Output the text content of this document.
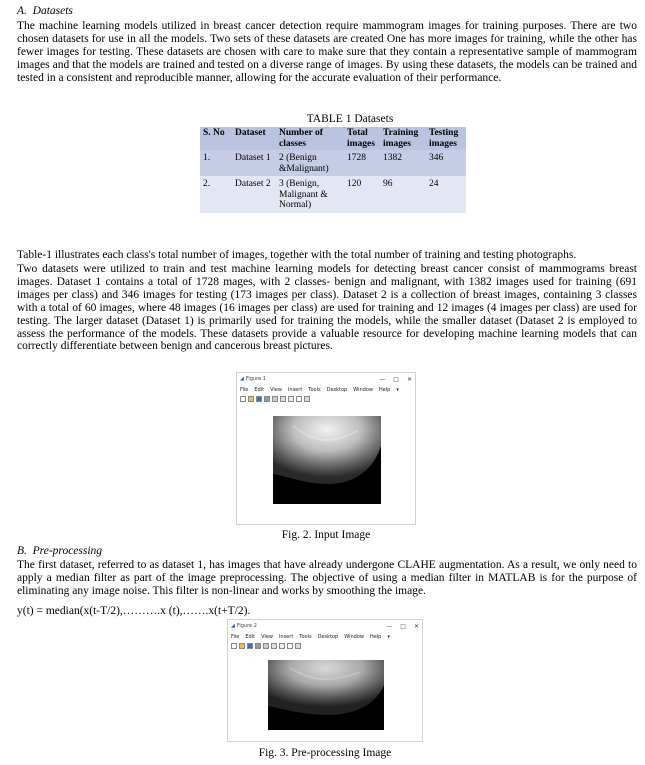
A.  Datasets

The machine learning models utilized in breast cancer detection require mammogram images for training purposes. There are two chosen datasets for use in all the models. Two sets of these datasets are created One has more images for training, while the other has fewer images for testing. These datasets are chosen with care to make sure that they contain a representative sample of mammogram images and that the models are trained and tested on a diverse range of images. By using these datasets, the models can be trained and tested in a consistent and reproducible manner, allowing for the accurate evaluation of their performance.

TABLE 1 Datasets
S. No	Dataset	Number of classes	Total images	Training images	Testing images
1.	Dataset 1	2 (Benign &Malignant)	1728	1382	346
2.	Dataset 2	3 (Benign, Malignant & Normal)	120	96	24

Table-1 illustrates each class's total number of images, together with the total number of training and testing photographs.

Two datasets were utilized to train and test machine learning models for detecting breast cancer consist of mammograms breast images. Dataset 1 contains a total of 1728 mages, with 2 classes- benign and malignant, with 1382 images used for training (691 images per class) and 346 images for testing (173 images per class). Dataset 2 is a collection of breast images, containing 3 classes with a total of 60 images, where 48 images (16 images per class) are used for training and 12 images (4 images per class) are used for testing. The larger dataset (Dataset 1) is primarily used for training the models, while the smaller dataset (Dataset 2 is employed to assess the performance of the models. These datasets provide a valuable resource for developing machine learning models that can correctly differentiate between benign and cancerous breast pictures.

◢ Figure 1	— □ ✕
File Edit View Insert Tools Desktop Window Help ▾
Fig. 2. Input Image
B.  Pre-processing

The first dataset, referred to as dataset 1, has images that have already undergone CLAHE augmentation. As a result, we only need to apply a median filter as part of the image preprocessing. The objective of using a median filter in MATLAB is for the purpose of eliminating any image noise. This filter is non-linear and works by smoothing the image.

y(t) = median(x(t-T/2),……….x (t),…….x(t+T/2).
◢ Figure 2	— □ ✕
File Edit View Insert Tools Desktop Window Help ▾
Fig. 3. Pre-processing Image
